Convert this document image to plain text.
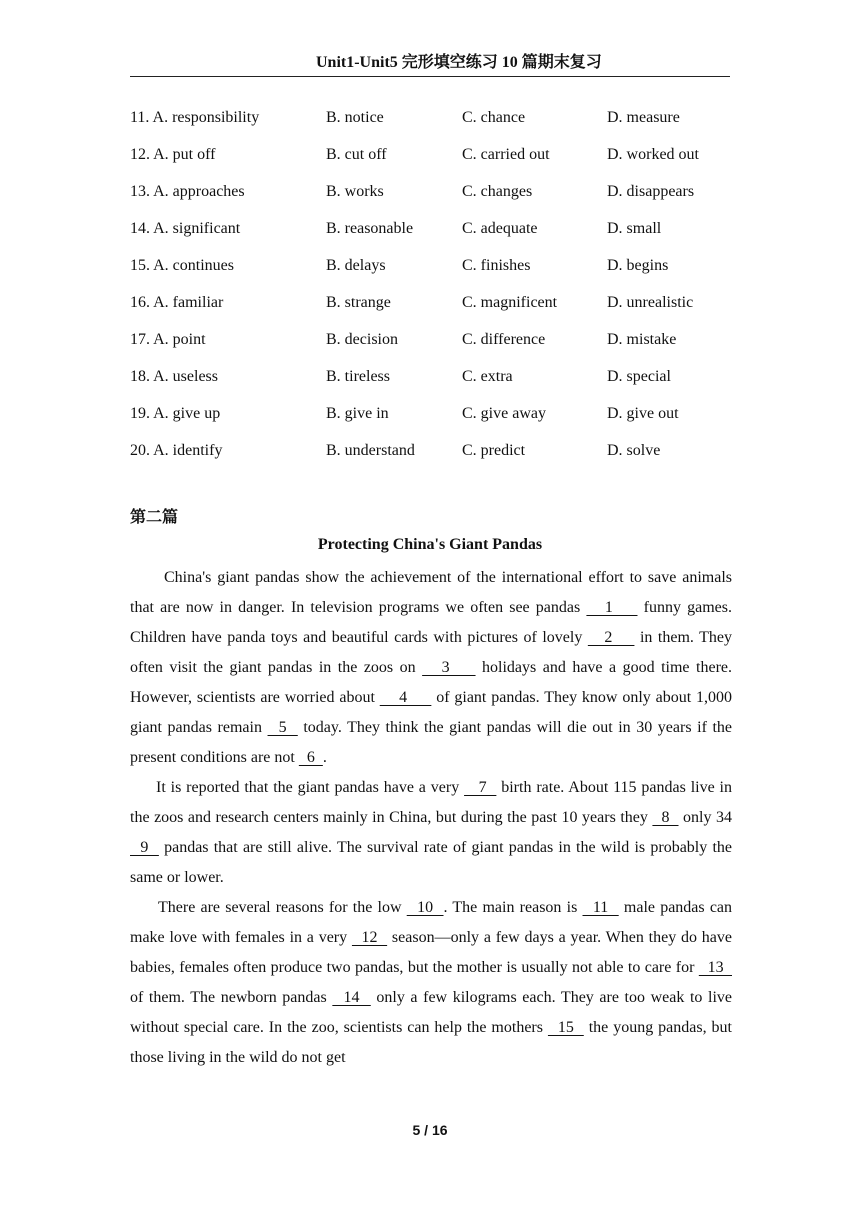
Unit1-Unit5 完形填空练习 10 篇期末复习
11. A. responsibility	B. notice	C. chance	D. measure
12. A. put off	B. cut off	C. carried out	D. worked out
13. A. approaches	B. works	C. changes	D. disappears
14. A. significant	B. reasonable	C. adequate	D. small
15. A. continues	B. delays	C. finishes	D. begins
16. A. familiar	B. strange	C. magnificent	D. unrealistic
17. A. point	B. decision	C. difference	D. mistake
18. A. useless	B. tireless	C. extra	D. special
19. A. give up	B. give in	C. give away	D. give out
20. A. identify	B. understand	C. predict	D. solve
第二篇
Protecting China's Giant Pandas

China's giant pandas show the achievement of the international effort to save animals that are now in danger. In television programs we often see pandas    1     funny games. Children have panda toys and beautiful cards with pictures of lovely    2     in them. They often visit the giant pandas in the zoos on    3     holidays and have a good time there. However, scientists are worried about     4      of giant pandas. They know only about 1,000 giant pandas remain   5   today. They think the giant pandas will die out in 30 years if the present conditions are not   6  .

It is reported that the giant pandas have a very    7   birth rate. About 115 pandas live in the zoos and research centers mainly in China, but during the past 10 years they   8   only 34   9   pandas that are still alive. The survival rate of giant pandas in the wild is probably the same or lower.

There are several reasons for the low   10  . The main reason is   11   male pandas can make love with females in a very   12   season—only a few days a year. When they do have babies, females often produce two pandas, but the mother is usually not able to care for   13   of them. The newborn pandas   14   only a few kilograms each. They are too weak to live without special care. In the zoo, scientists can help the mothers   15   the young pandas, but those living in the wild do not get

5 / 16
